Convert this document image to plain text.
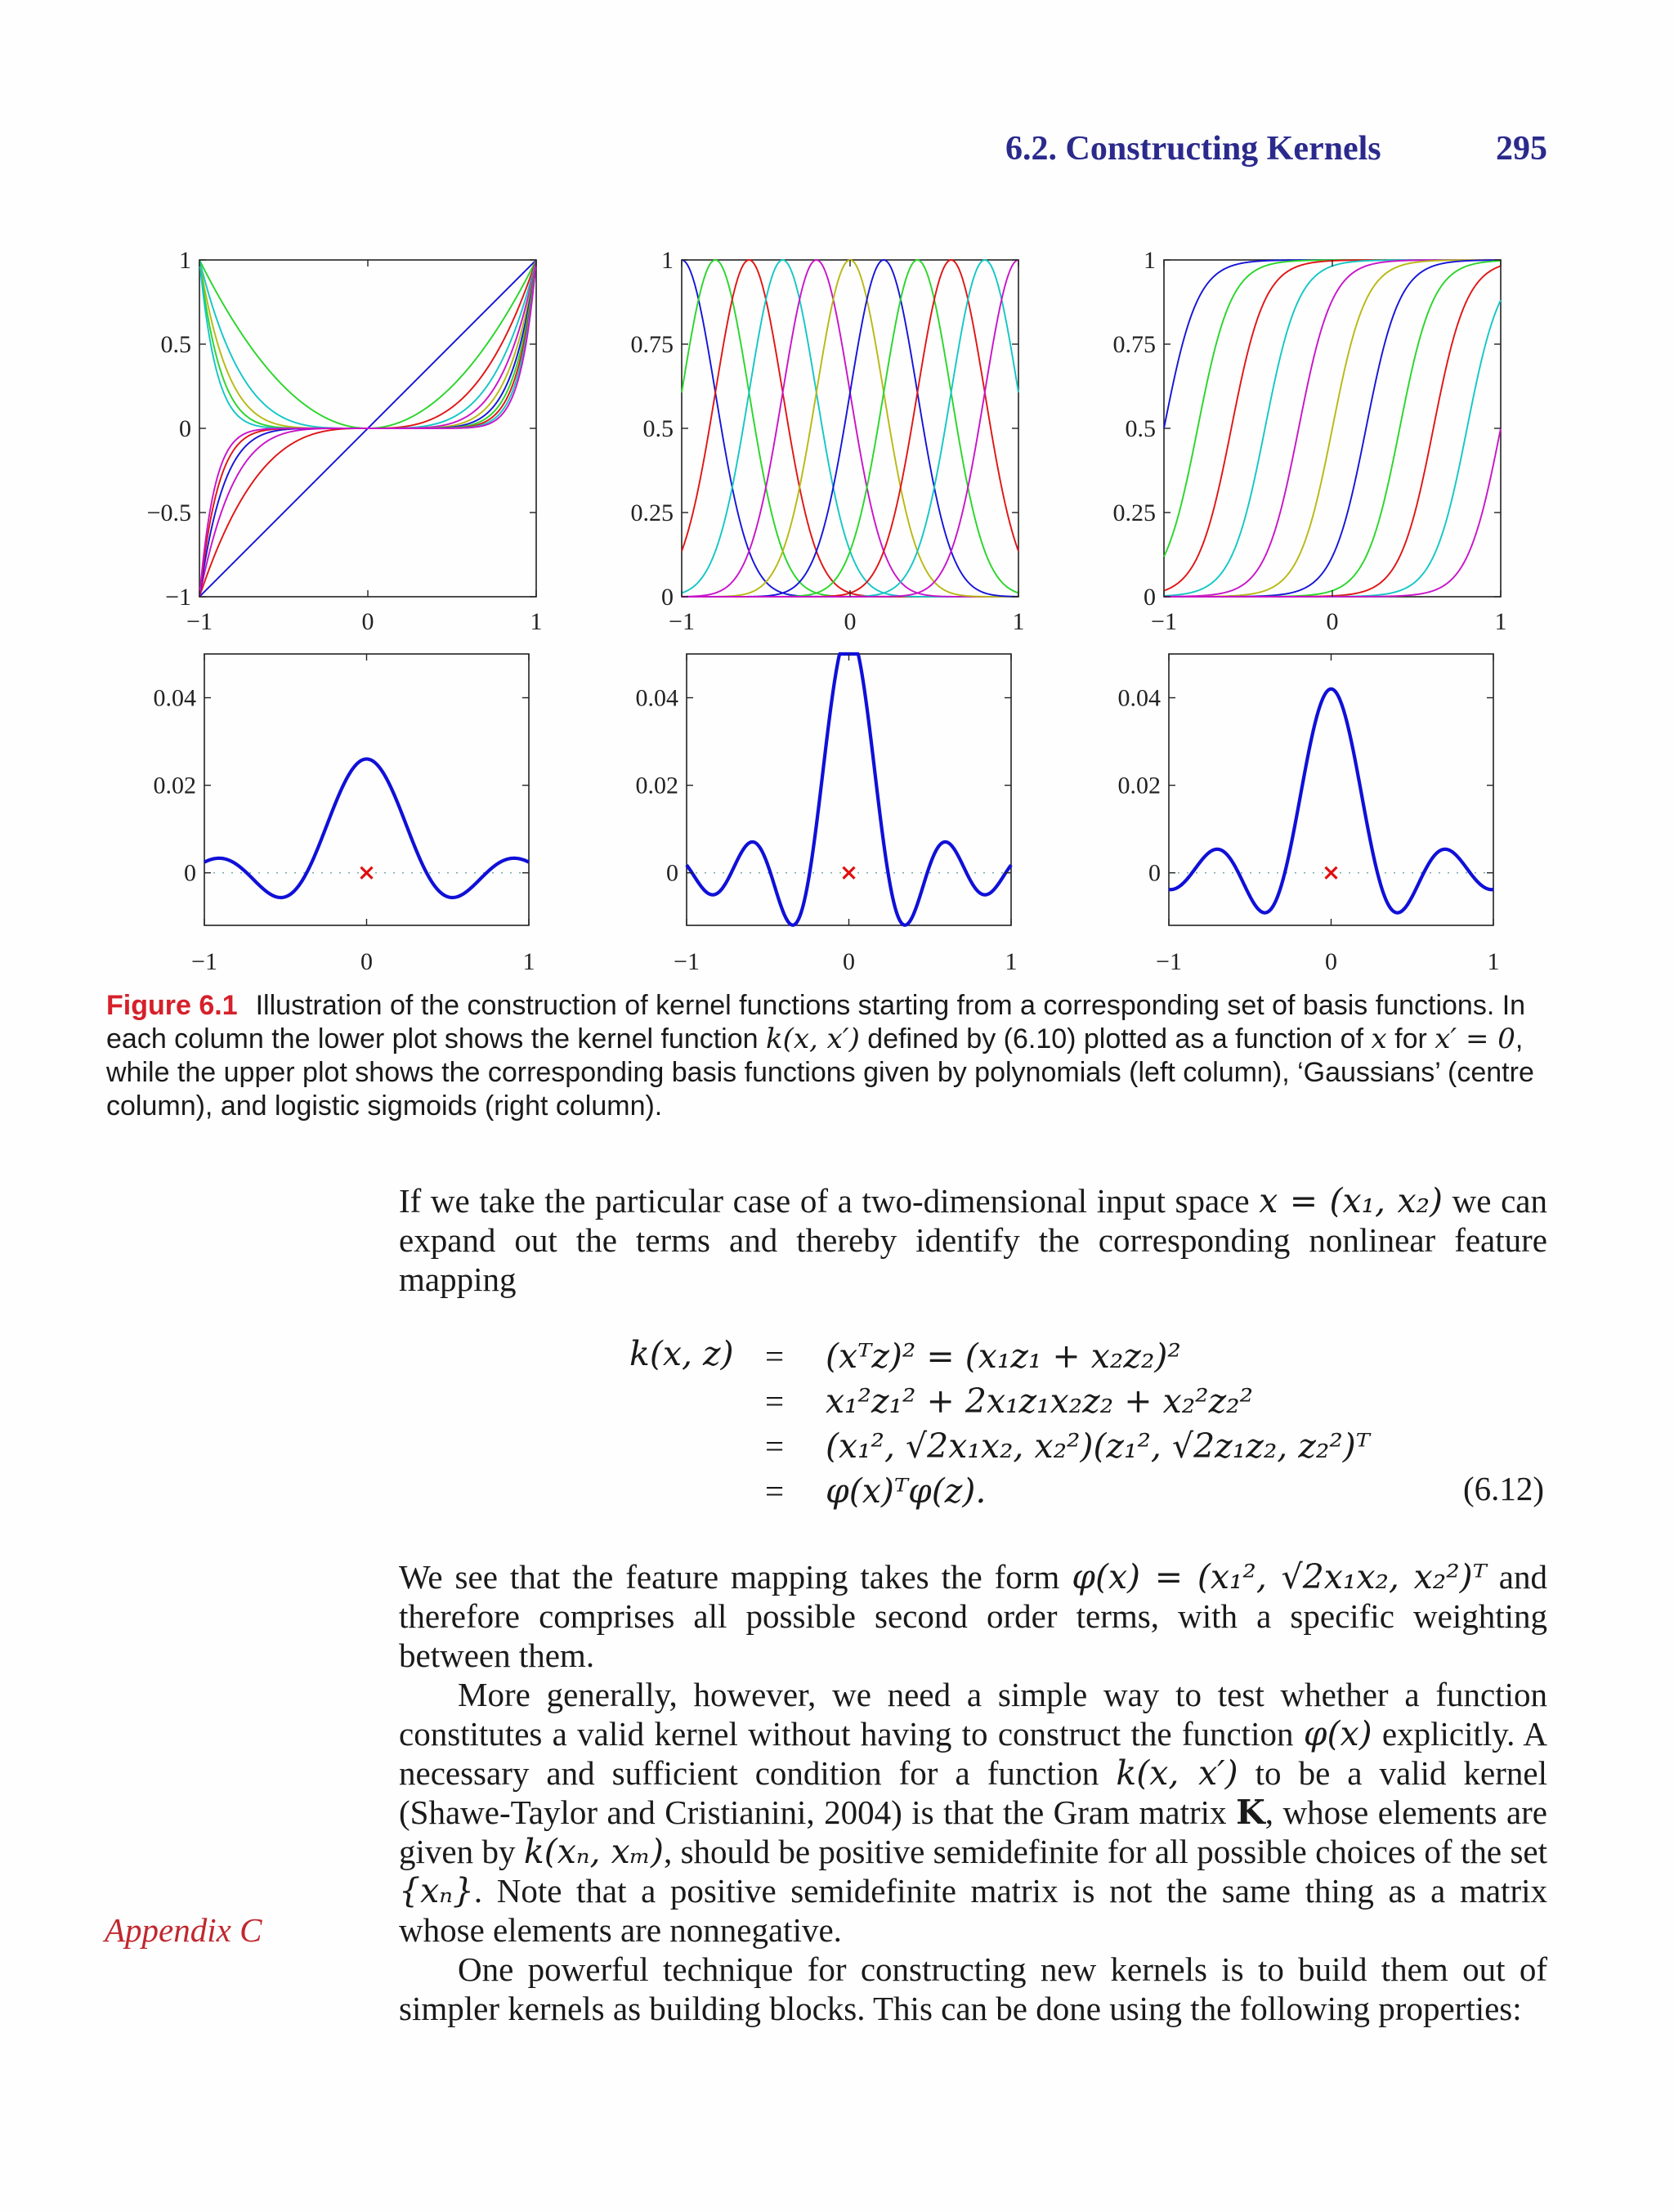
6.2. Constructing Kernels	295
−1	0	1
1
0.5
0
−0.5
−1
−1	0	1
1
0.75
0.5
0.25
0
−1	0	1
1
0.75
0.5
0.25
0
−1	0	1
0.04
0.02
0
−1	0	1
0.04
0.02
0
−1	0	1
0.04
0.02
0
Figure 6.1 Illustration of the construction of kernel functions starting from a corresponding set of basis functions. In each column the lower plot shows the kernel function k(x, x′) defined by (6.10) plotted as a function of x for x′ = 0, while the upper plot shows the corresponding basis functions given by polynomials (left column), ‘Gaussians’ (centre column), and logistic sigmoids (right column).
If we take the particular case of a two-dimensional input space x = (x₁, x₂) we can expand out the terms and thereby identify the corresponding nonlinear feature mapping
k(x, z) =
=
=
=
(xᵀz)² = (x₁z₁ + x₂z₂)²
x₁²z₁² + 2x₁z₁x₂z₂ + x₂²z₂²
(x₁², √2x₁x₂, x₂²)(z₁², √2z₁z₂, z₂²)ᵀ
φ(x)ᵀφ(z).	(6.12)
We see that the feature mapping takes the form φ(x) = (x₁², √2x₁x₂, x₂²)ᵀ and therefore comprises all possible second order terms, with a specific weighting between them.
More generally, however, we need a simple way to test whether a function constitutes a valid kernel without having to construct the function φ(x) explicitly. A necessary and sufficient condition for a function k(x, x′) to be a valid kernel (Shawe-Taylor and Cristianini, 2004) is that the Gram matrix K, whose elements are given by k(xₙ, xₘ), should be positive semidefinite for all possible choices of the set {xₙ}. Note that a positive semidefinite matrix is not the same thing as a matrix whose elements are nonnegative.
One powerful technique for constructing new kernels is to build them out of simpler kernels as building blocks. This can be done using the following properties:
Appendix C
